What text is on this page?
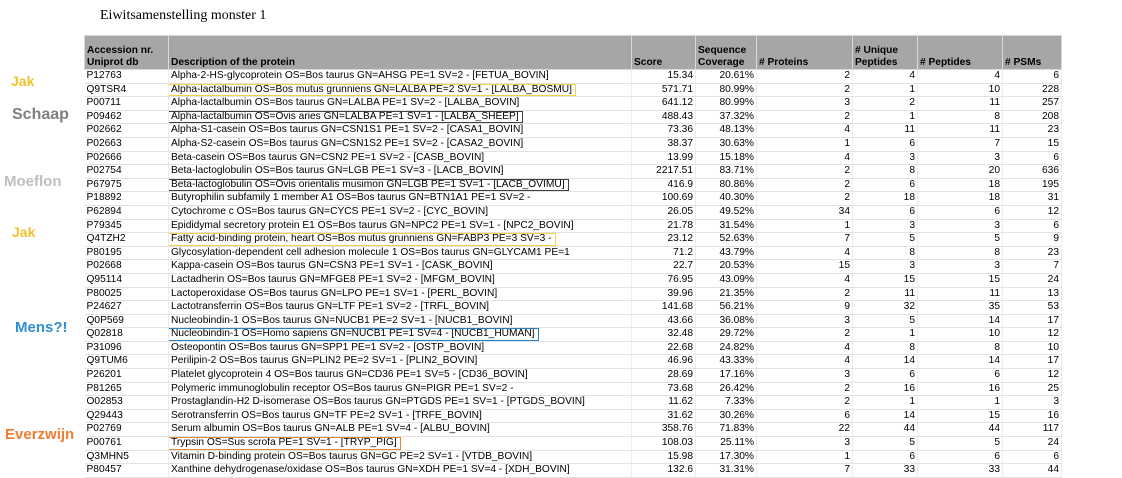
Eiwitsamenstelling monster 1
Jak
Schaap
Moeflon
Jak
Mens?!
Everzwijn
Accession nr. Uniprot db	Description of the protein	Score	Sequence Coverage	# Proteins	# Unique Peptides	# Peptides	# PSMs
P12763	Alpha-2-HS-glycoprotein OS=Bos taurus GN=AHSG PE=1 SV=2 - [FETUA_BOVIN]	15.34	20.61%	2	4	4	6
Q9TSR4	Alpha-lactalbumin OS=Bos mutus grunniens GN=LALBA PE=2 SV=1 - [LALBA_BOSMU]	571.71	80.99%	2	1	10	228
P00711	Alpha-lactalbumin OS=Bos taurus GN=LALBA PE=1 SV=2 - [LALBA_BOVIN]	641.12	80.99%	3	2	11	257
P09462	Alpha-lactalbumin OS=Ovis aries GN=LALBA PE=1 SV=1 - [LALBA_SHEEP]	488.43	37.32%	2	1	8	208
P02662	Alpha-S1-casein OS=Bos taurus GN=CSN1S1 PE=1 SV=2 - [CASA1_BOVIN]	73.36	48.13%	4	11	11	23
P02663	Alpha-S2-casein OS=Bos taurus GN=CSN1S2 PE=1 SV=2 - [CASA2_BOVIN]	38.37	30.63%	1	6	7	15
P02666	Beta-casein OS=Bos taurus GN=CSN2 PE=1 SV=2 - [CASB_BOVIN]	13.99	15.18%	4	3	3	6
P02754	Beta-lactoglobulin OS=Bos taurus GN=LGB PE=1 SV=3 - [LACB_BOVIN]	2217.51	83.71%	2	8	20	636
P67975	Beta-lactoglobulin OS=Ovis orientalis musimon GN=LGB PE=1 SV=1 - [LACB_OVIMU]	416.9	80.86%	2	6	18	195
P18892	Butyrophilin subfamily 1 member A1 OS=Bos taurus GN=BTN1A1 PE=1 SV=2 -	100.69	40.30%	2	18	18	31
P62894	Cytochrome c OS=Bos taurus GN=CYCS PE=1 SV=2 - [CYC_BOVIN]	26.05	49.52%	34	6	6	12
P79345	Epididymal secretory protein E1 OS=Bos taurus GN=NPC2 PE=1 SV=1 - [NPC2_BOVIN]	21.78	31.54%	1	3	3	6
Q4TZH2	Fatty acid-binding protein, heart OS=Bos mutus grunniens GN=FABP3 PE=3 SV=3 -	23.12	52.63%	7	5	5	9
P80195	Glycosylation-dependent cell adhesion molecule 1 OS=Bos taurus GN=GLYCAM1 PE=1	71.2	43.79%	4	8	8	23
P02668	Kappa-casein OS=Bos taurus GN=CSN3 PE=1 SV=1 - [CASK_BOVIN]	22.7	20.53%	15	3	3	7
Q95114	Lactadherin OS=Bos taurus GN=MFGE8 PE=1 SV=2 - [MFGM_BOVIN]	76.95	43.09%	4	15	15	24
P80025	Lactoperoxidase OS=Bos taurus GN=LPO PE=1 SV=1 - [PERL_BOVIN]	39.96	21.35%	2	11	11	13
P24627	Lactotransferrin OS=Bos taurus GN=LTF PE=1 SV=2 - [TRFL_BOVIN]	141.68	56.21%	9	32	35	53
Q0P569	Nucleobindin-1 OS=Bos taurus GN=NUCB1 PE=2 SV=1 - [NUCB1_BOVIN]	43.66	36.08%	3	5	14	17
Q02818	Nucleobindin-1 OS=Homo sapiens GN=NUCB1 PE=1 SV=4 - [NUCB1_HUMAN]	32.48	29.72%	2	1	10	12
P31096	Osteopontin OS=Bos taurus GN=SPP1 PE=1 SV=2 - [OSTP_BOVIN]	22.68	24.82%	4	8	8	10
Q9TUM6	Perilipin-2 OS=Bos taurus GN=PLIN2 PE=2 SV=1 - [PLIN2_BOVIN]	46.96	43.33%	4	14	14	17
P26201	Platelet glycoprotein 4 OS=Bos taurus GN=CD36 PE=1 SV=5 - [CD36_BOVIN]	28.69	17.16%	3	6	6	12
P81265	Polymeric immunoglobulin receptor OS=Bos taurus GN=PIGR PE=1 SV=2 -	73.68	26.42%	2	16	16	25
O02853	Prostaglandin-H2 D-isomerase OS=Bos taurus GN=PTGDS PE=1 SV=1 - [PTGDS_BOVIN]	11.62	7.33%	2	1	1	3
Q29443	Serotransferrin OS=Bos taurus GN=TF PE=2 SV=1 - [TRFE_BOVIN]	31.62	30.26%	6	14	15	16
P02769	Serum albumin OS=Bos taurus GN=ALB PE=1 SV=4 - [ALBU_BOVIN]	358.76	71.83%	22	44	44	117
P00761	Trypsin OS=Sus scrofa PE=1 SV=1 - [TRYP_PIG]	108.03	25.11%	3	5	5	24
Q3MHN5	Vitamin D-binding protein OS=Bos taurus GN=GC PE=2 SV=1 - [VTDB_BOVIN]	15.98	17.30%	1	6	6	6
P80457	Xanthine dehydrogenase/oxidase OS=Bos taurus GN=XDH PE=1 SV=4 - [XDH_BOVIN]	132.6	31.31%	7	33	33	44
